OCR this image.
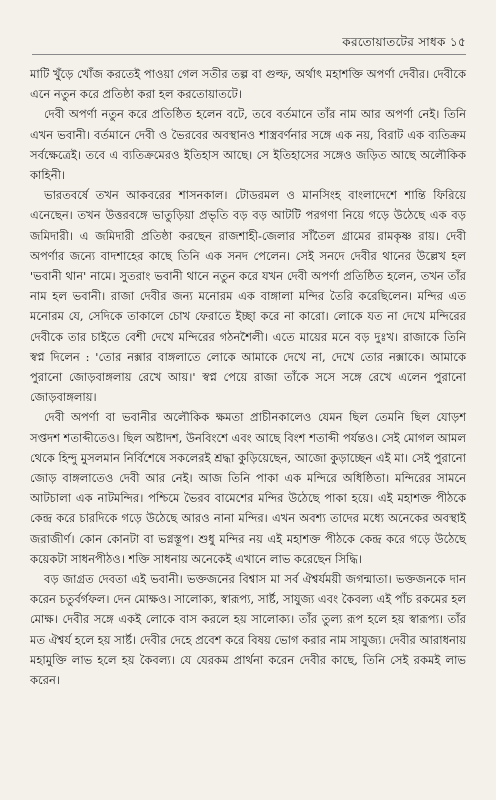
করতোয়াতটের সাধক ১৫

মাটি খুঁড়ে খোঁজ করতেই পাওয়া গেল সতীর তল্প বা গুল্ফ, অর্থাৎ মহাশক্তি অপর্ণা দেবীর। দেবীকে এনে নতুন করে প্রতিষ্ঠা করা হল করতোয়াতটে।

দেবী অপর্ণা নতুন করে প্রতিষ্ঠিত হলেন বটে, তবে বর্তমানে তাঁর নাম আর অপর্ণা নেই। তিনি এখন ভবানী। বর্তমানে দেবী ও ভৈরবের অবস্থানও শাস্ত্রবর্ণনার সঙ্গে এক নয়, বিরাট এক ব্যতিক্রম সর্বক্ষেত্রেই। তবে এ ব্যতিক্রমেরও ইতিহাস আছে। সে ইতিহাসের সঙ্গেও জড়িত আছে অলৌকিক কাহিনী।

ভারতবর্ষে তখন আকবরের শাসনকাল। টোডরমল ও মানসিংহ বাংলাদেশে শান্তি ফিরিয়ে এনেছেন। তখন উত্তরবঙ্গে ভাতুড়িয়া প্রভৃতি বড় বড় আটটি পরগণা নিয়ে গড়ে উঠেছে এক বড় জমিদারী। এ জমিদারী প্রতিষ্ঠা করছেন রাজশাহী-জেলার সাঁতৈল গ্রামের রামকৃষ্ণ রায়। দেবী অপর্ণার জন্যে বাদশাহের কাছে তিনি এক সনদ পেলেন। সেই সনদে দেবীর থানের উল্লেখ হল 'ভবানী থান' নামে। সুতরাং ভবানী থানে নতুন করে যখন দেবী অপর্ণা প্রতিষ্ঠিত হলেন, তখন তাঁর নাম হল ভবানী। রাজা দেবীর জন্য মনোরম এক বাঙ্গালা মন্দির তৈরি করেছিলেন। মন্দির এত মনোরম যে, সেদিকে তাকালে চোখ ফেরাতে ইচ্ছা করে না কারো। লোকে যত না দেখে মন্দিরের দেবীকে তার চাইতে বেশী দেখে মন্দিরের গঠনশৈলী। এতে মায়ের মনে বড় দুঃখ। রাজাকে তিনি স্বপ্ন দিলেন : 'তোর নক্সার বাঙ্গলাতে লোকে আমাকে দেখে না, দেখে তোর নক্সাকে। আমাকে পুরানো জোড়বাঙ্গলায় রেখে আয়।' স্বপ্ন পেয়ে রাজা তাঁকে সসে সঙ্গে রেখে এলেন পুরানো জোড়বাঙ্গলায়।

দেবী অপর্ণা বা ভবানীর অলৌকিক ক্ষমতা প্রাচীনকালেও যেমন ছিল তেমনি ছিল যোড়শ সপ্তদশ শতাব্দীতেও। ছিল অষ্টাদশ, উনবিংশে এবং আছে বিংশ শতাব্দী পর্যন্তও। সেই মোগল আমল থেকে হিন্দু মুসলমান নির্বিশেষে সকলেরই শ্রদ্ধা কুড়িয়েছেন, আজো কুড়াচ্ছেন এই মা। সেই পুরানো জোড় বাঙ্গলাতেও দেবী আর নেই। আজ তিনি পাকা এক মন্দিরে অধিষ্ঠিতা। মন্দিরের সামনে আটচালা এক নাটমন্দির। পশ্চিমে ভৈরব বামেশের মন্দির উঠেছে পাকা হয়ে। এই মহাশক্ত পীঠকে কেন্দ্র করে চারদিকে গড়ে উঠেছে আরও নানা মন্দির। এখন অবশ্য তাদের মধ্যে অনেকের অবস্থাই জরাজীর্ণ। কোন কোনটা বা ভগ্নস্তূপ। শুধু মন্দির নয় এই মহাশক্ত পীঠকে কেন্দ্র করে গড়ে উঠেছে কয়েকটা সাধনপীঠও। শক্তি সাধনায় অনেকেই এখানে লাভ করেছেন সিদ্ধি।

বড় জাগ্রত দেবতা এই ভবানী। ভক্তজনের বিশ্বাস মা সর্ব ঐশ্বর্যময়ী জগন্মাতা। ভক্তজনকে দান করেন চতুর্বর্গফল। দেন মোক্ষও। সালোক্য, স্বারূপ্য, সার্ষ্ট, সাযুজ্য এবং কৈবল্য এই পাঁচ রকমের হল মোক্ষ। দেবীর সঙ্গে একই লোকে বাস করলে হয় সালোক্য। তাঁর তুল্য রূপ হলে হয় স্বারূপ্য। তাঁর মত ঐশ্বর্য হলে হয় সার্ষ্ট। দেবীর দেহে প্রবেশ করে বিষয় ভোগ করার নাম সাযুজ্য। দেবীর আরাধনায় মহামুক্তি লাভ হলে হয় কৈবল্য। যে যেরকম প্রার্থনা করেন দেবীর কাছে, তিনি সেই রকমই লাভ করেন।
